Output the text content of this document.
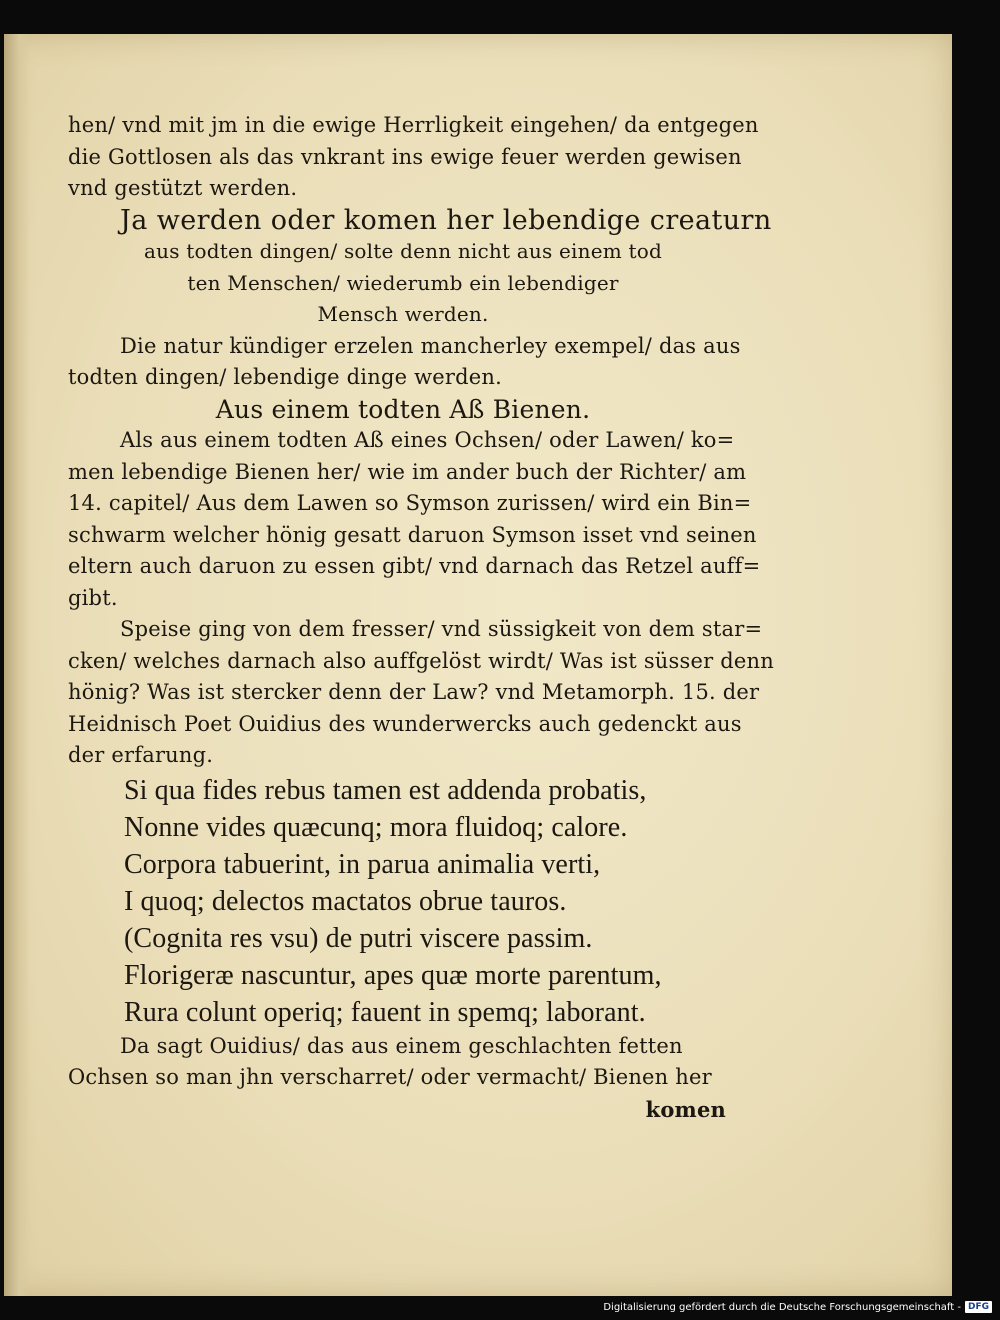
hen/ vnd mit jm in die ewige Herrligkeit eingehen/ da entgegen
die Gottlosen als das vnkrant ins ewige feuer werden gewisen
vnd gestützt werden.
Ja werden oder komen her lebendige creaturn
aus todten dingen/ solte denn nicht aus einem tod
ten Menschen/ wiederumb ein lebendiger
Mensch werden.
Die natur kündiger erzelen mancherley exempel/ das aus
todten dingen/ lebendige dinge werden.
Aus einem todten Aß Bienen.
Als aus einem todten Aß eines Ochsen/ oder Lawen/ ko=
men lebendige Bienen her/ wie im ander buch der Richter/ am
14. capitel/ Aus dem Lawen so Symson zurissen/ wird ein Bin=
schwarm welcher hönig gesatt daruon Symson isset vnd seinen
eltern auch daruon zu essen gibt/ vnd darnach das Retzel auff=
gibt.
Speise ging von dem fresser/ vnd süssigkeit von dem star=
cken/ welches darnach also auffgelöst wirdt/ Was ist süsser denn
hönig? Was ist stercker denn der Law? vnd Metamorph. 15. der
Heidnisch Poet Ouidius des wunderwercks auch gedenckt aus
der erfarung.
Si qua fides rebus tamen est addenda probatis,
Nonne vides quæcunq; mora fluidoq; calore.
Corpora tabuerint, in parua animalia verti,
I quoq; delectos mactatos obrue tauros.
(Cognita res vsu) de putri viscere passim.
Florigeræ nascuntur, apes quæ morte parentum,
Rura colunt operiq; fauent in spemq; laborant.
Da sagt Ouidius/ das aus einem geschlachten fetten
Ochsen so man jhn verscharret/ oder vermacht/ Bienen her
komen
Digitalisierung gefördert durch die Deutsche Forschungsgemeinschaft - DFG
